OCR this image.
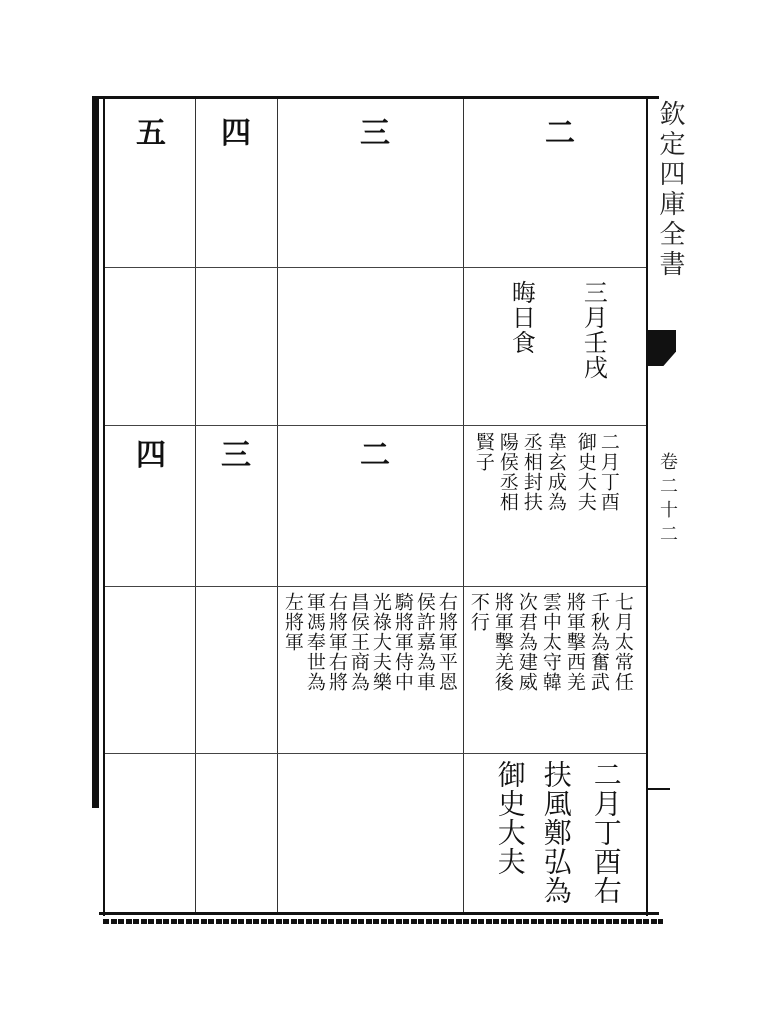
欽定四庫全書
卷二十二
二
三
四
五
三月壬戌
晦日食
二月丁酉
御史大夫
韋玄成為
丞相封扶
陽侯丞相
賢子
二
三
四
七月太常任
千秋為奮武
將軍擊西羌
雲中太守韓
次君為建威
將軍擊羌後
不行
右將軍平恩
侯許嘉為車
騎將軍侍中
光祿大夫樂
昌侯王商為
右將軍右將
軍馮奉世為
左將軍
二月丁酉右
扶風鄭弘為
御史大夫
